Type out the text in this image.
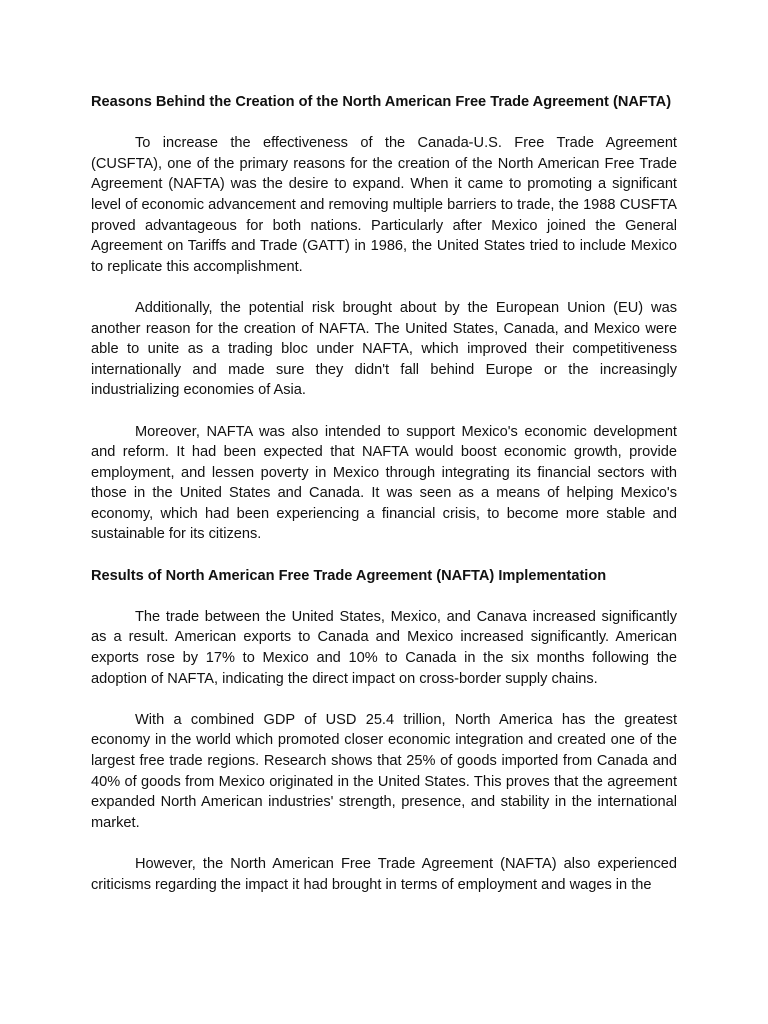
Reasons Behind the Creation of the North American Free Trade Agreement (NAFTA)

To increase the effectiveness of the Canada-U.S. Free Trade Agreement (CUSFTA), one of the primary reasons for the creation of the North American Free Trade Agreement (NAFTA) was the desire to expand. When it came to promoting a significant level of economic advancement and removing multiple barriers to trade, the 1988 CUSFTA proved advantageous for both nations. Particularly after Mexico joined the General Agreement on Tariffs and Trade (GATT) in 1986, the United States tried to include Mexico to replicate this accomplishment.

Additionally, the potential risk brought about by the European Union (EU) was another reason for the creation of NAFTA. The United States, Canada, and Mexico were able to unite as a trading bloc under NAFTA, which improved their competitiveness internationally and made sure they didn't fall behind Europe or the increasingly industrializing economies of Asia.

Moreover, NAFTA was also intended to support Mexico's economic development and reform. It had been expected that NAFTA would boost economic growth, provide employment, and lessen poverty in Mexico through integrating its financial sectors with those in the United States and Canada. It was seen as a means of helping Mexico's economy, which had been experiencing a financial crisis, to become more stable and sustainable for its citizens.

Results of North American Free Trade Agreement (NAFTA) Implementation

The trade between the United States, Mexico, and Canava increased significantly as a result. American exports to Canada and Mexico increased significantly. American exports rose by 17% to Mexico and 10% to Canada in the six months following the adoption of NAFTA, indicating the direct impact on cross-border supply chains.

With a combined GDP of USD 25.4 trillion, North America has the greatest economy in the world which promoted closer economic integration and created one of the largest free trade regions. Research shows that 25% of goods imported from Canada and 40% of goods from Mexico originated in the United States. This proves that the agreement expanded North American industries' strength, presence, and stability in the international market.

However, the North American Free Trade Agreement (NAFTA) also experienced criticisms regarding the impact it had brought in terms of employment and wages in the
